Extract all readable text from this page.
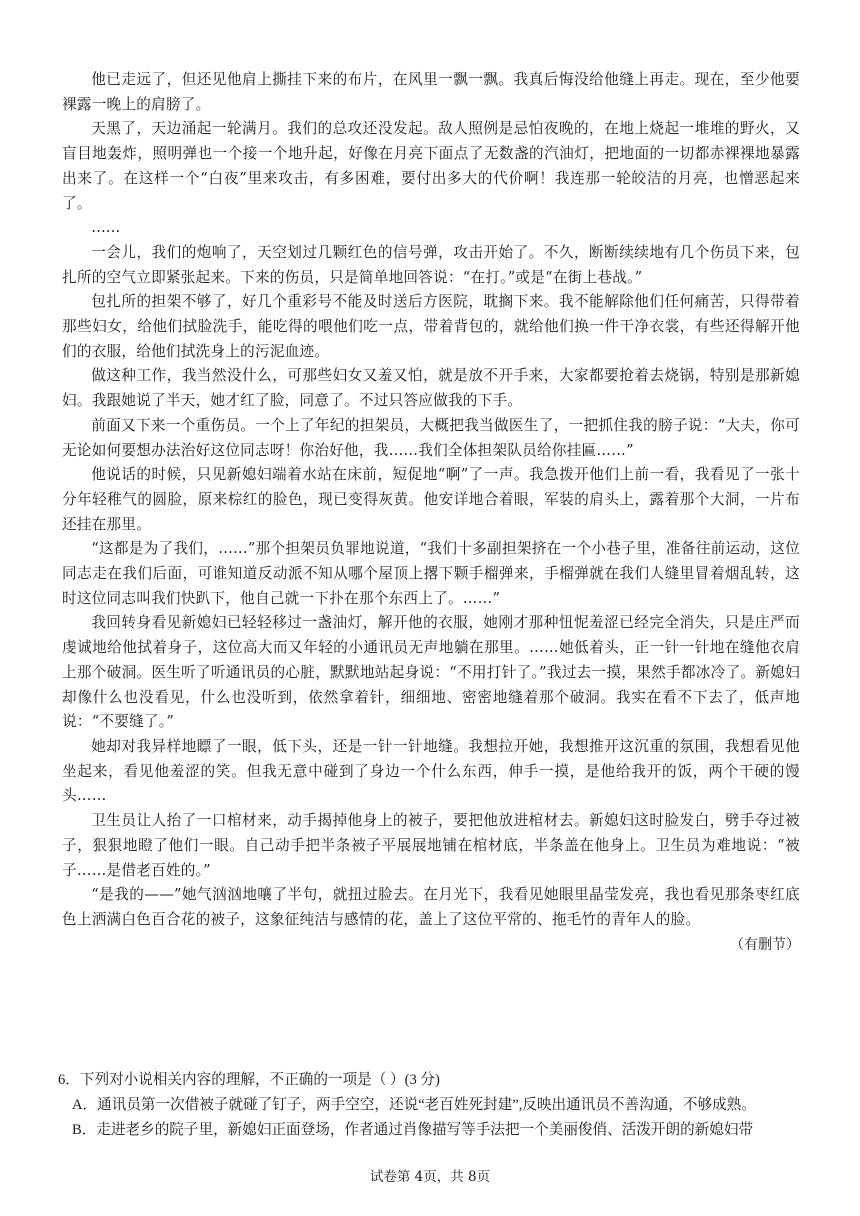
他已走远了，但还见他肩上撕挂下来的布片，在风里一飘一飘。我真后悔没给他缝上再走。现在，至少他要裸露一晚上的肩膀了。

天黑了，天边涌起一轮满月。我们的总攻还没发起。敌人照例是忌怕夜晚的，在地上烧起一堆堆的野火，又盲目地轰炸，照明弹也一个接一个地升起，好像在月亮下面点了无数盏的汽油灯，把地面的一切都赤裸裸地暴露出来了。在这样一个“白夜”里来攻击，有多困难，要付出多大的代价啊！我连那一轮皎洁的月亮，也憎恶起来了。

……

一会儿，我们的炮响了，天空划过几颗红色的信号弹，攻击开始了。不久，断断续续地有几个伤员下来，包扎所的空气立即紧张起来。下来的伤员，只是简单地回答说：“在打。”或是“在街上巷战。”

包扎所的担架不够了，好几个重彩号不能及时送后方医院，耽搁下来。我不能解除他们任何痛苦，只得带着那些妇女，给他们拭脸洗手，能吃得的喂他们吃一点，带着背包的，就给他们换一件干净衣裳，有些还得解开他们的衣服，给他们拭洗身上的污泥血迹。

做这种工作，我当然没什么，可那些妇女又羞又怕，就是放不开手来，大家都要抢着去烧锅，特别是那新媳妇。我跟她说了半天，她才红了脸，同意了。不过只答应做我的下手。

前面又下来一个重伤员。一个上了年纪的担架员，大概把我当做医生了，一把抓住我的膀子说：“大夫，你可无论如何要想办法治好这位同志呀！你治好他，我……我们全体担架队员给你挂匾……”

他说话的时候，只见新媳妇端着水站在床前，短促地“啊”了一声。我急拨开他们上前一看，我看见了一张十分年轻稚气的圆脸，原来棕红的脸色，现已变得灰黄。他安详地合着眼，军装的肩头上，露着那个大洞，一片布还挂在那里。

“这都是为了我们，……”那个担架员负罪地说道，“我们十多副担架挤在一个小巷子里，准备往前运动，这位同志走在我们后面，可谁知道反动派不知从哪个屋顶上撂下颗手榴弹来，手榴弹就在我们人缝里冒着烟乱转，这时这位同志叫我们快趴下，他自己就一下扑在那个东西上了。……”

我回转身看见新媳妇已轻轻移过一盏油灯，解开他的衣服，她刚才那种忸怩羞涩已经完全消失，只是庄严而虔诚地给他拭着身子，这位高大而又年轻的小通讯员无声地躺在那里。……她低着头，正一针一针地在缝他衣肩上那个破洞。医生听了听通讯员的心脏，默默地站起身说：“不用打针了。”我过去一摸，果然手都冰冷了。新媳妇却像什么也没看见，什么也没听到，依然拿着针，细细地、密密地缝着那个破洞。我实在看不下去了，低声地说：“不要缝了。”

她却对我异样地瞟了一眼，低下头，还是一针一针地缝。我想拉开她，我想推开这沉重的氛围，我想看见他坐起来，看见他羞涩的笑。但我无意中碰到了身边一个什么东西，伸手一摸，是他给我开的饭，两个干硬的馒头……

卫生员让人抬了一口棺材来，动手揭掉他身上的被子，要把他放进棺材去。新媳妇这时脸发白，劈手夺过被子，狠狠地瞪了他们一眼。自己动手把半条被子平展展地铺在棺材底，半条盖在他身上。卫生员为难地说：“被子……是借老百姓的。”

“是我的——”她气汹汹地嚷了半句，就扭过脸去。在月光下，我看见她眼里晶莹发亮，我也看见那条枣红底色上洒满白色百合花的被子，这象征纯洁与感情的花，盖上了这位平常的、拖毛竹的青年人的脸。

（有删节）

6．下列对小说相关内容的理解，不正确的一项是（ ）(3 分)

A．通讯员第一次借被子就碰了钉子，两手空空，还说“老百姓死封建”,反映出通讯员不善沟通，不够成熟。

B．走进老乡的院子里，新媳妇正面登场，作者通过肖像描写等手法把一个美丽俊俏、活泼开朗的新媳妇带

试卷第 4页，共 8页
